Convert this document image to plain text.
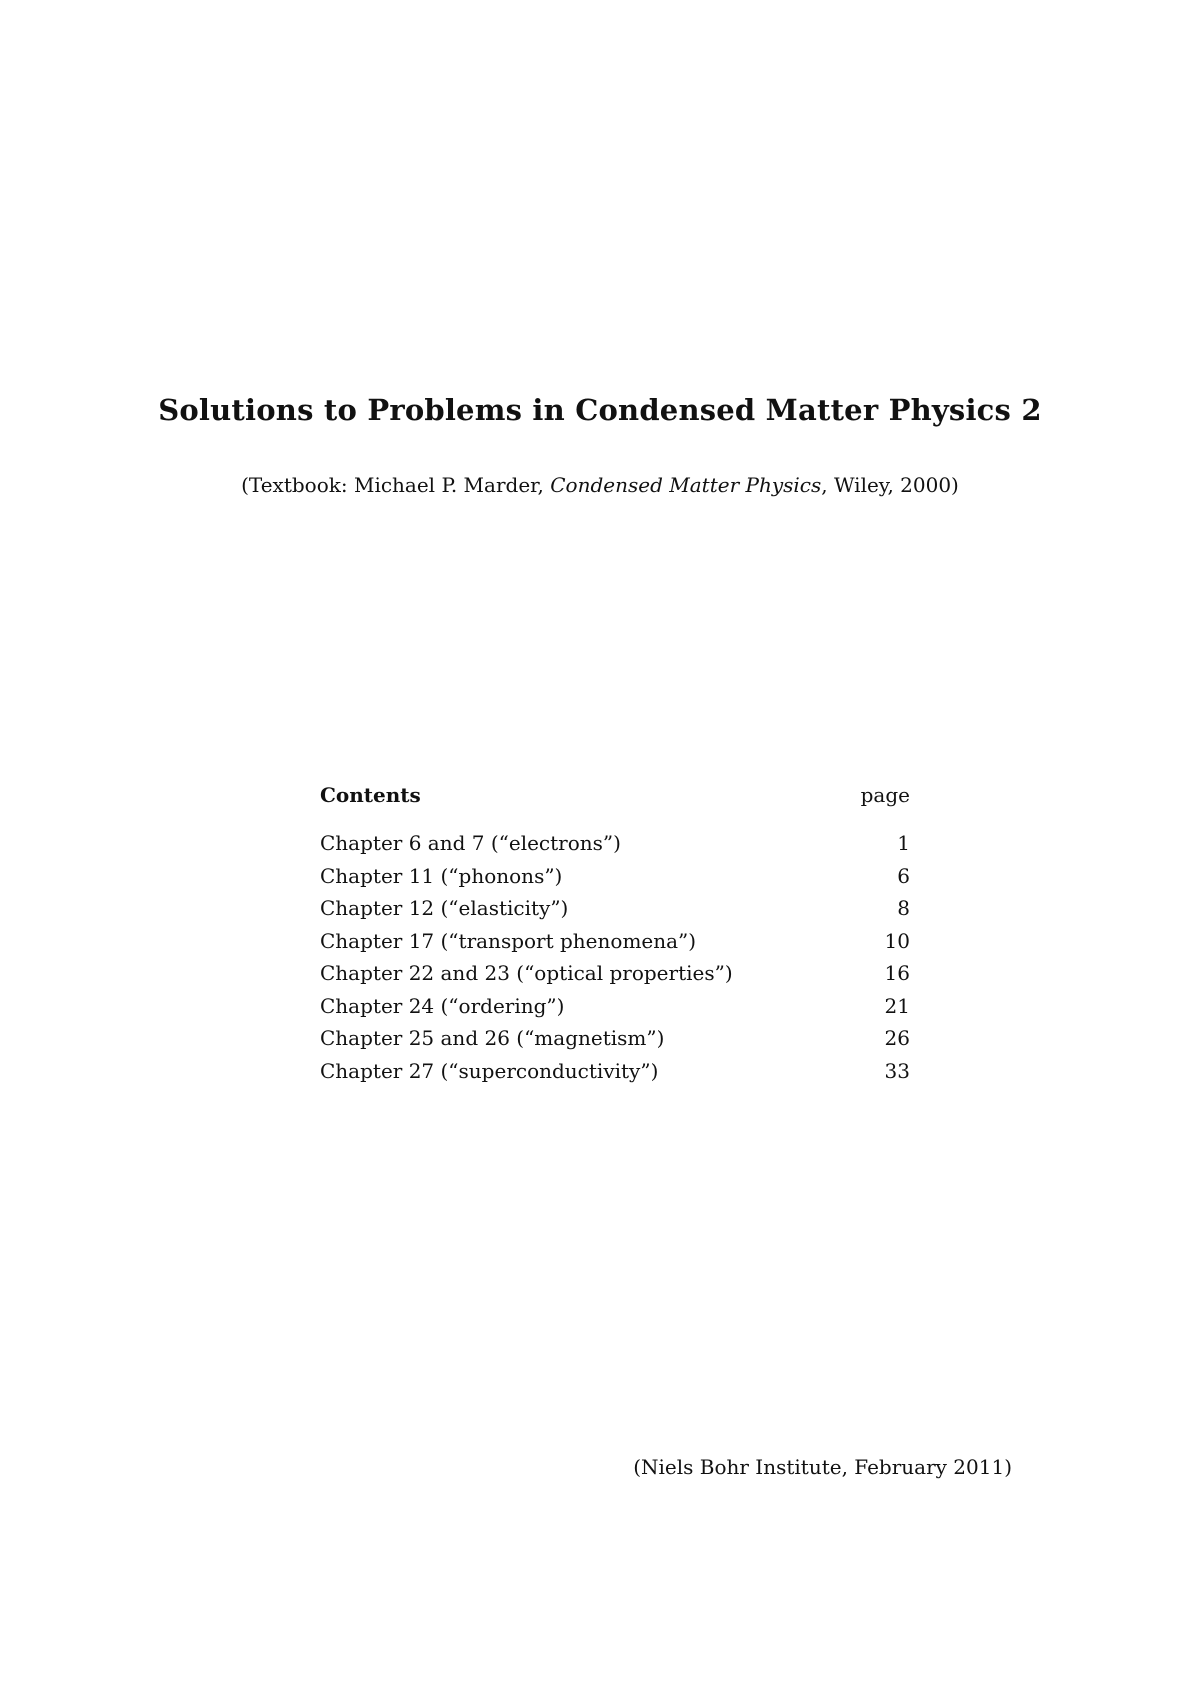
Solutions to Problems in Condensed Matter Physics 2
(Textbook: Michael P. Marder, Condensed Matter Physics, Wiley, 2000)
Contents	page
Chapter 6 and 7 (“electrons”)	1
Chapter 11 (“phonons”)	6
Chapter 12 (“elasticity”)	8
Chapter 17 (“transport phenomena”)	10
Chapter 22 and 23 (“optical properties”)	16
Chapter 24 (“ordering”)	21
Chapter 25 and 26 (“magnetism”)	26
Chapter 27 (“superconductivity”)	33
(Niels Bohr Institute, February 2011)
